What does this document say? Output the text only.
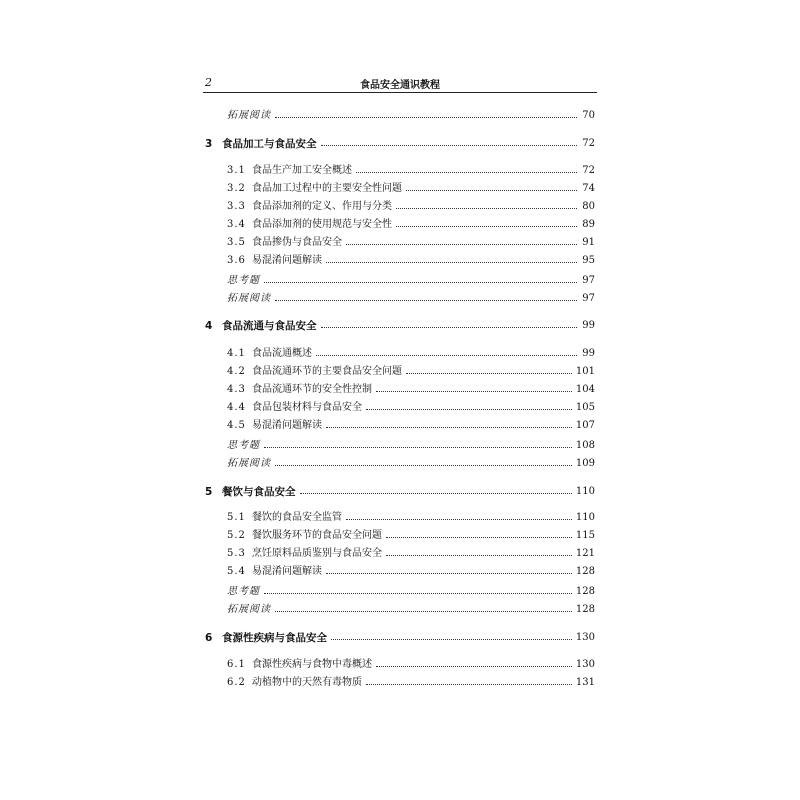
2	食品安全通识教程
拓展阅读	70
3 食品加工与食品安全	72
3.1 食品生产加工安全概述	72
3.2 食品加工过程中的主要安全性问题	74
3.3 食品添加剂的定义、作用与分类	80
3.4 食品添加剂的使用规范与安全性	89
3.5 食品掺伪与食品安全	91
3.6 易混淆问题解读	95
思考题	97
拓展阅读	97
4 食品流通与食品安全	99
4.1 食品流通概述	99
4.2 食品流通环节的主要食品安全问题	101
4.3 食品流通环节的安全性控制	104
4.4 食品包装材料与食品安全	105
4.5 易混淆问题解读	107
思考题	108
拓展阅读	109
5 餐饮与食品安全	110
5.1 餐饮的食品安全监管	110
5.2 餐饮服务环节的食品安全问题	115
5.3 烹饪原料品质鉴别与食品安全	121
5.4 易混淆问题解读	128
思考题	128
拓展阅读	128
6 食源性疾病与食品安全	130
6.1 食源性疾病与食物中毒概述	130
6.2 动植物中的天然有毒物质	131
